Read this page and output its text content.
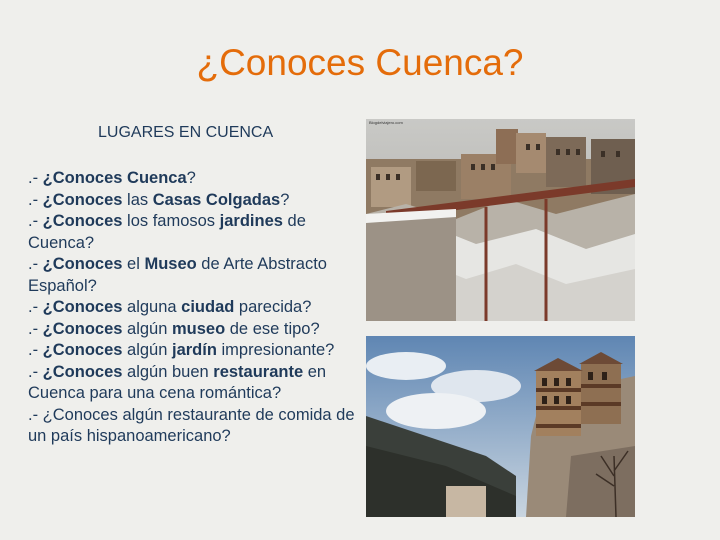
¿Conoces Cuenca?
LUGARES EN CUENCA

.- ¿Conoces Cuenca?

.- ¿Conoces las Casas Colgadas?

.- ¿Conoces los famosos jardines de Cuenca?

.- ¿Conoces el Museo de Arte Abstracto Español?

.- ¿Conoces alguna ciudad parecida?

.- ¿Conoces algún museo de ese tipo?

.- ¿Conoces algún jardín impresionante?

.- ¿Conoces algún buen restaurante en Cuenca para una cena romántica?

.- ¿Conoces algún restaurante de comida de un país hispanoamericano?

Blogdelviajero.com
